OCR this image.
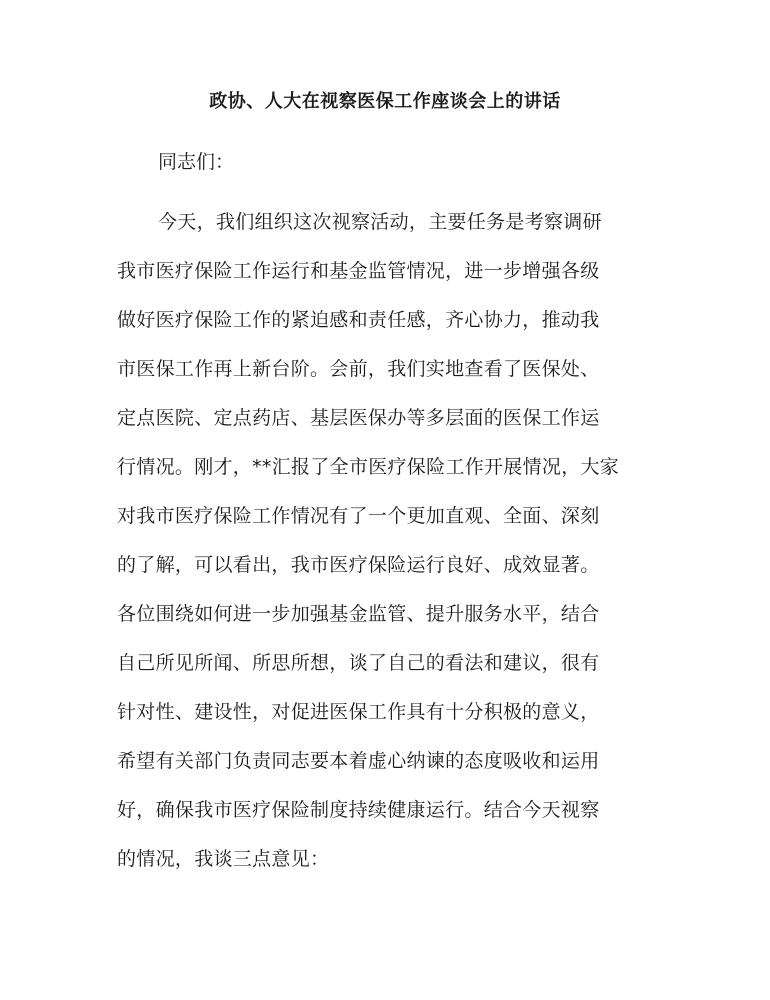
政协、人大在视察医保工作座谈会上的讲话
同志们：
今天，我们组织这次视察活动，主要任务是考察调研
我市医疗保险工作运行和基金监管情况，进一步增强各级
做好医疗保险工作的紧迫感和责任感，齐心协力，推动我
市医保工作再上新台阶。会前，我们实地查看了医保处、
定点医院、定点药店、基层医保办等多层面的医保工作运
行情况。刚才，**汇报了全市医疗保险工作开展情况，大家
对我市医疗保险工作情况有了一个更加直观、全面、深刻
的了解，可以看出，我市医疗保险运行良好、成效显著。
各位围绕如何进一步加强基金监管、提升服务水平，结合
自己所见所闻、所思所想，谈了自己的看法和建议，很有
针对性、建设性，对促进医保工作具有十分积极的意义，
希望有关部门负责同志要本着虚心纳谏的态度吸收和运用
好，确保我市医疗保险制度持续健康运行。结合今天视察
的情况，我谈三点意见：
